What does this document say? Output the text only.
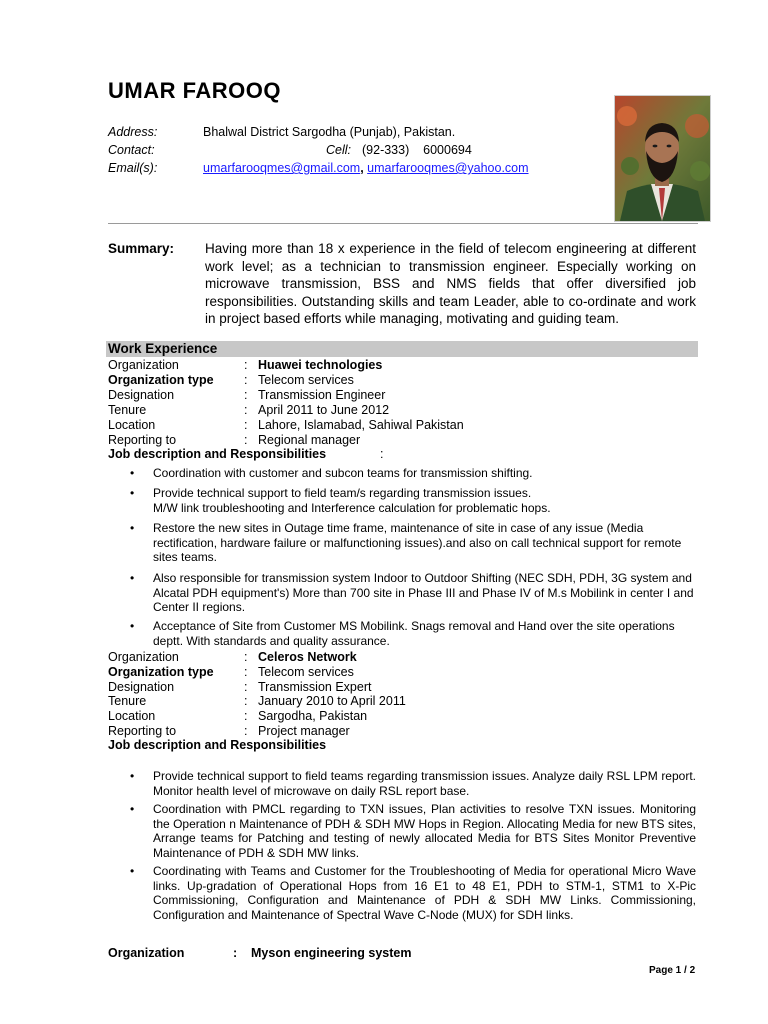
UMAR FAROOQ
Address:	Bhalwal District Sargodha (Punjab), Pakistan.
Contact:	Cell: (92-333)    6000694
Email(s):	umarfarooqmes@gmail.com, umarfarooqmes@yahoo.com
Summary: Having more than 18 x experience in the field of telecom engineering at different work level; as a technician to transmission engineer. Especially working on microwave transmission, BSS and NMS fields that offer diversified job responsibilities. Outstanding skills and team Leader, able to co-ordinate and work in project based efforts while managing, motivating and guiding team.
Work Experience
Organization	: Huawei technologies
Organization type : Telecom services
Designation	: Transmission Engineer
Tenure	: April 2011 to June 2012
Location	: Lahore, Islamabad, Sahiwal Pakistan
Reporting to	: Regional manager
Job description and Responsibilities	:
• Coordination with customer and subcon teams for transmission shifting.
• Provide technical support to field team/s regarding transmission issues.
M/W link troubleshooting and Interference calculation for problematic hops.
• Restore the new sites in Outage time frame, maintenance of site in case of any issue (Media rectification, hardware failure or malfunctioning issues).and also on call technical support for remote sites teams.
• Also responsible for transmission system Indoor to Outdoor Shifting (NEC SDH, PDH, 3G system and Alcatal PDH equipment's) More than 700 site in Phase III and Phase IV of M.s Mobilink in center I and Center II regions.
• Acceptance of Site from Customer MS Mobilink. Snags removal and Hand over the site operations deptt. With standards and quality assurance.
Organization	: Celeros Network
Organization type : Telecom services
Designation	: Transmission Expert
Tenure	: January 2010 to April 2011
Location	: Sargodha, Pakistan
Reporting to	: Project manager
Job description and Responsibilities
• Provide technical support to field teams regarding transmission issues. Analyze daily RSL LPM report. Monitor health level of microwave on daily RSL report base.
• Coordination with PMCL regarding to TXN issues, Plan activities to resolve TXN issues. Monitoring the Operation n Maintenance of PDH & SDH MW Hops in Region. Allocating Media for new BTS sites, Arrange teams for Patching and testing of newly allocated Media for BTS Sites Monitor Preventive Maintenance of PDH & SDH MW links.
• Coordinating with Teams and Customer for the Troubleshooting of Media for operational Micro Wave links. Up-gradation of Operational Hops from 16 E1 to 48 E1, PDH to STM-1, STM1 to X-Pic Commissioning, Configuration and Maintenance of PDH & SDH MW Links. Commissioning, Configuration and Maintenance of Spectral Wave C-Node (MUX) for SDH links.
Organization	: Myson engineering system
Page 1 / 2
